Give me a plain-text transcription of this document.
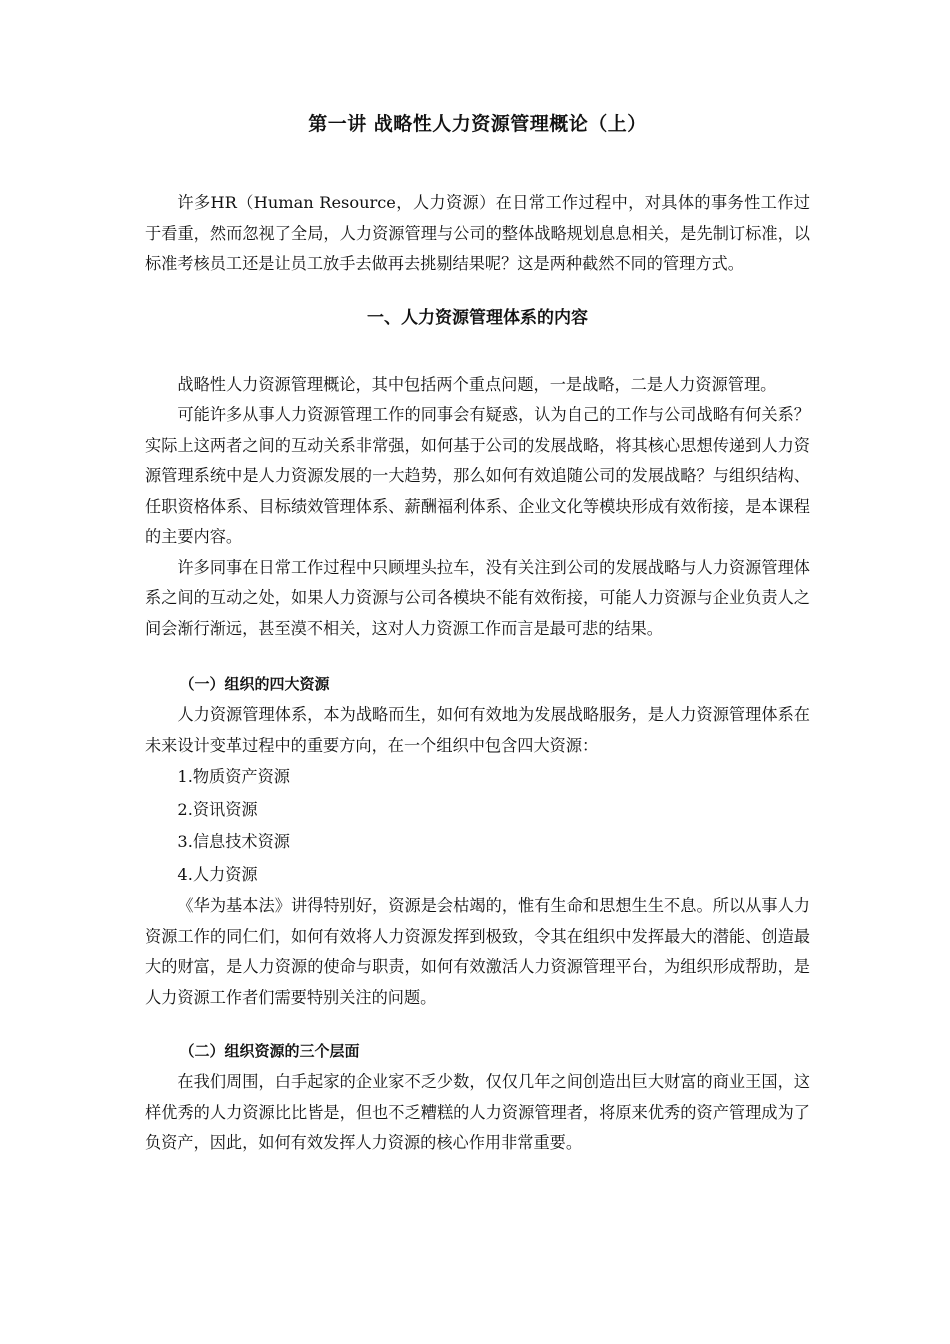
第一讲 战略性人力资源管理概论（上）

许多HR（Human Resource，人力资源）在日常工作过程中，对具体的事务性工作过于看重，然而忽视了全局，人力资源管理与公司的整体战略规划息息相关，是先制订标准，以标准考核员工还是让员工放手去做再去挑剔结果呢？这是两种截然不同的管理方式。

一、人力资源管理体系的内容

战略性人力资源管理概论，其中包括两个重点问题，一是战略，二是人力资源管理。

可能许多从事人力资源管理工作的同事会有疑惑，认为自己的工作与公司战略有何关系？实际上这两者之间的互动关系非常强，如何基于公司的发展战略，将其核心思想传递到人力资源管理系统中是人力资源发展的一大趋势，那么如何有效追随公司的发展战略？与组织结构、任职资格体系、目标绩效管理体系、薪酬福利体系、企业文化等模块形成有效衔接，是本课程的主要内容。

许多同事在日常工作过程中只顾埋头拉车，没有关注到公司的发展战略与人力资源管理体系之间的互动之处，如果人力资源与公司各模块不能有效衔接，可能人力资源与企业负责人之间会渐行渐远，甚至漠不相关，这对人力资源工作而言是最可悲的结果。

（一）组织的四大资源

人力资源管理体系，本为战略而生，如何有效地为发展战略服务，是人力资源管理体系在未来设计变革过程中的重要方向，在一个组织中包含四大资源：

1.物质资产资源

2.资讯资源

3.信息技术资源

4.人力资源

《华为基本法》讲得特别好，资源是会枯竭的，惟有生命和思想生生不息。所以从事人力资源工作的同仁们，如何有效将人力资源发挥到极致，令其在组织中发挥最大的潜能、创造最大的财富，是人力资源的使命与职责，如何有效激活人力资源管理平台，为组织形成帮助，是人力资源工作者们需要特别关注的问题。

（二）组织资源的三个层面

在我们周围，白手起家的企业家不乏少数，仅仅几年之间创造出巨大财富的商业王国，这样优秀的人力资源比比皆是，但也不乏糟糕的人力资源管理者，将原来优秀的资产管理成为了负资产，因此，如何有效发挥人力资源的核心作用非常重要。
